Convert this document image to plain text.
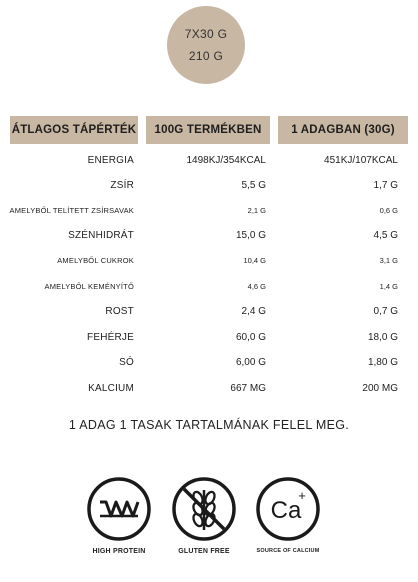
7X30 G
210 G
ÁTLAGOS TÁPÉRTÉK	100G TERMÉKBEN	1 ADAGBAN (30G)
ENERGIA	1498KJ/354KCAL	451KJ/107KCAL
ZSÍR	5,5 G	1,7 G
AMELYBŐL TELÍTETT ZSÍRSAVAK	2,1 G	0,6 G
SZÉNHIDRÁT	15,0 G	4,5 G
AMELYBŐL CUKROK	10,4 G	3,1 G
AMELYBŐL KEMÉNYÍTŐ	4,6 G	1,4 G
ROST	2,4 G	0,7 G
FEHÉRJE	60,0 G	18,0 G
SÓ	6,00 G	1,80 G
KALCIUM	667 MG	200 MG
1 ADAG 1 TASAK TARTALMÁNAK FELEL MEG.
HIGH PROTEIN	GLUTEN FREE
Ca
+
SOURCE OF CALCIUM
